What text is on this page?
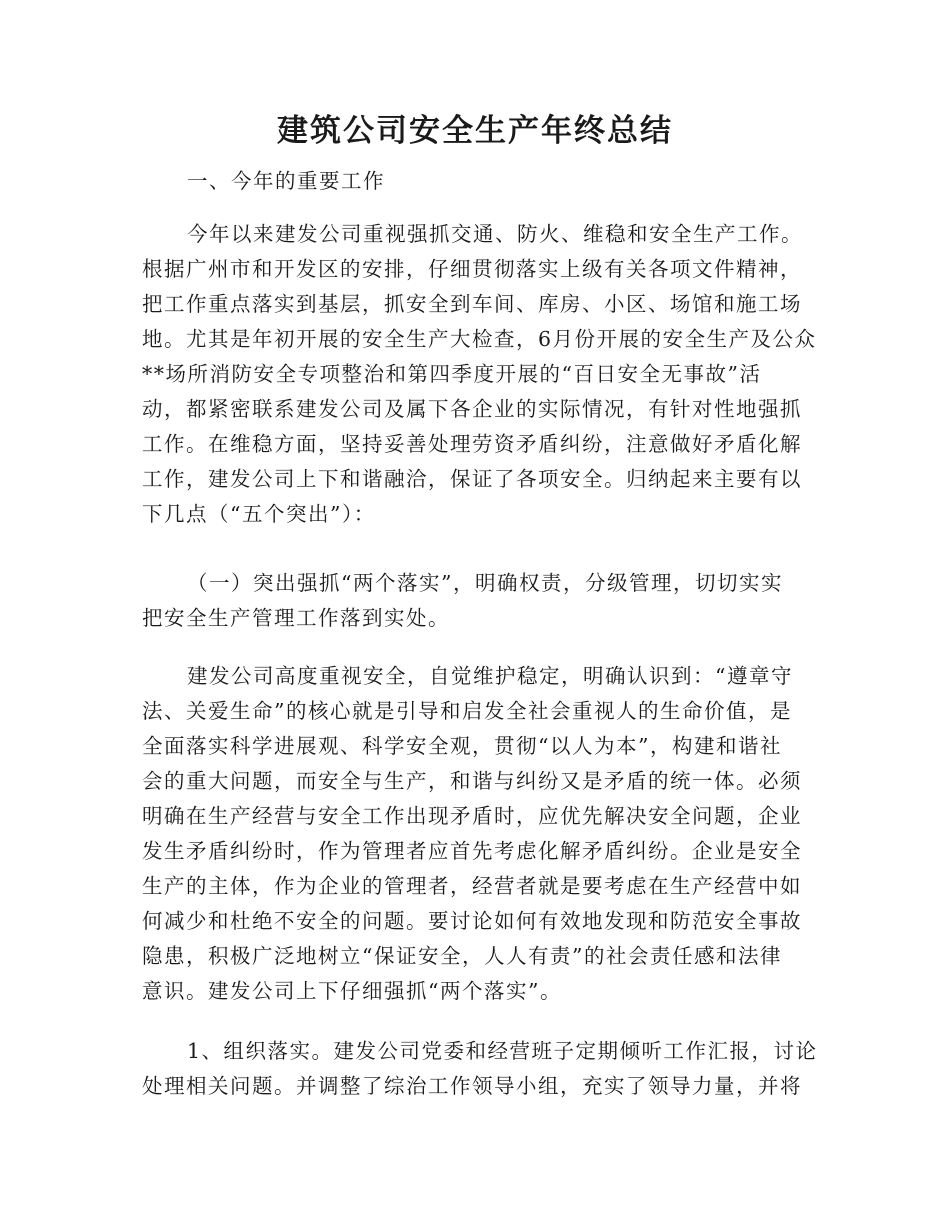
建筑公司安全生产年终总结
一、今年的重要工作
今年以来建发公司重视强抓交通、防火、维稳和安全生产工作。
根据广州市和开发区的安排，仔细贯彻落实上级有关各项文件精神，
把工作重点落实到基层，抓安全到车间、库房、小区、场馆和施工场
地。尤其是年初开展的安全生产大检查，6月份开展的安全生产及公众
**场所消防安全专项整治和第四季度开展的“百日安全无事故”活
动，都紧密联系建发公司及属下各企业的实际情况，有针对性地强抓
工作。在维稳方面，坚持妥善处理劳资矛盾纠纷，注意做好矛盾化解
工作，建发公司上下和谐融洽，保证了各项安全。归纳起来主要有以
下几点（“五个突出”）：
（一）突出强抓“两个落实”，明确权责，分级管理，切切实实
把安全生产管理工作落到实处。
建发公司高度重视安全，自觉维护稳定，明确认识到：“遵章守
法、关爱生命”的核心就是引导和启发全社会重视人的生命价值，是
全面落实科学进展观、科学安全观，贯彻“以人为本”，构建和谐社
会的重大问题，而安全与生产，和谐与纠纷又是矛盾的统一体。必须
明确在生产经营与安全工作出现矛盾时，应优先解决安全问题，企业
发生矛盾纠纷时，作为管理者应首先考虑化解矛盾纠纷。企业是安全
生产的主体，作为企业的管理者，经营者就是要考虑在生产经营中如
何减少和杜绝不安全的问题。要讨论如何有效地发现和防范安全事故
隐患，积极广泛地树立“保证安全，人人有责”的社会责任感和法律
意识。建发公司上下仔细强抓“两个落实”。
1、组织落实。建发公司党委和经营班子定期倾听工作汇报，讨论
处理相关问题。并调整了综治工作领导小组，充实了领导力量，并将
